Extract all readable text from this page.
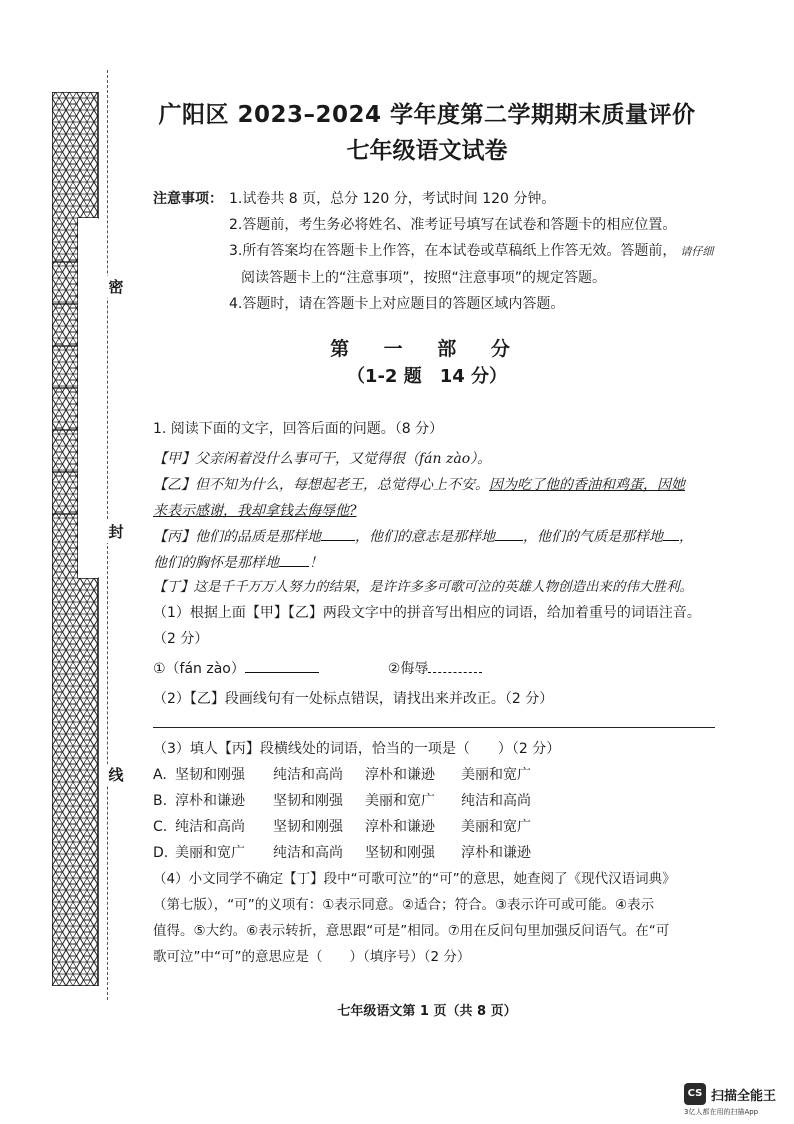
密
封
线
广阳区 2023–2024 学年度第二学期期末质量评价
七年级语文试卷
注意事项： 1.试卷共 8 页，总分 120 分，考试时间 120 分钟。
2.答题前，考生务必将姓名、准考证号填写在试卷和答题卡的相应位置。
3.所有答案均在答题卡上作答，在本试卷或草稿纸上作答无效。答题前， 请仔细
阅读答题卡上的“注意事项”，按照“注意事项”的规定答题。
4.答题时，请在答题卡上对应题目的答题区域内答题。
第 一 部 分
（1-2 题　14 分）
1. 阅读下面的文字，回答后面的问题。（8 分）
【甲】父亲闲着没什么事可干，又觉得很（fán zào）。
【乙】但不知为什么，每想起老王，总觉得心上不安。因为吃了他的香油和鸡蛋，因她
来表示感谢，我却拿钱去侮辱他?
【丙】他们的品质是那样地 ，他们的意志是那样地 ，他们的气质是那样地 ，
他们的胸怀是那样地 ！
【丁】这是千千万万人努力的结果，是许许多多可歌可泣的英雄人物创造出来的伟大胜利。
（1）根据上面【甲】【乙】两段文字中的拼音写出相应的词语，给加着重号的词语注音。
（2 分）
①（fán zào）	②侮辱
（2）【乙】段画线句有一处标点错误，请找出来并改正。（2 分）
（3）填人【丙】段横线处的词语，恰当的一项是（　　）（2 分）
A. 坚韧和刚强	纯洁和高尚	淳朴和谦逊	美丽和宽广
B. 淳朴和谦逊	坚韧和刚强	美丽和宽广	纯洁和高尚
C. 纯洁和高尚	坚韧和刚强	淳朴和谦逊	美丽和宽广
D. 美丽和宽广	纯洁和高尚	坚韧和刚强	淳朴和谦逊
（4）小文同学不确定【丁】段中“可歌可泣”的“可”的意思，她查阅了《现代汉语词典》
（第七版），“可”的义项有：①表示同意。②适合；符合。③表示许可或可能。④表示
值得。⑤大约。⑥表示转折，意思跟“可是”相同。⑦用在反问句里加强反问语气。在“可
歌可泣”中“可”的意思应是（　　）（填序号）（2 分）
七年级语文第 1 页（共 8 页）
CS 扫描全能王
3亿人都在用的扫描App
